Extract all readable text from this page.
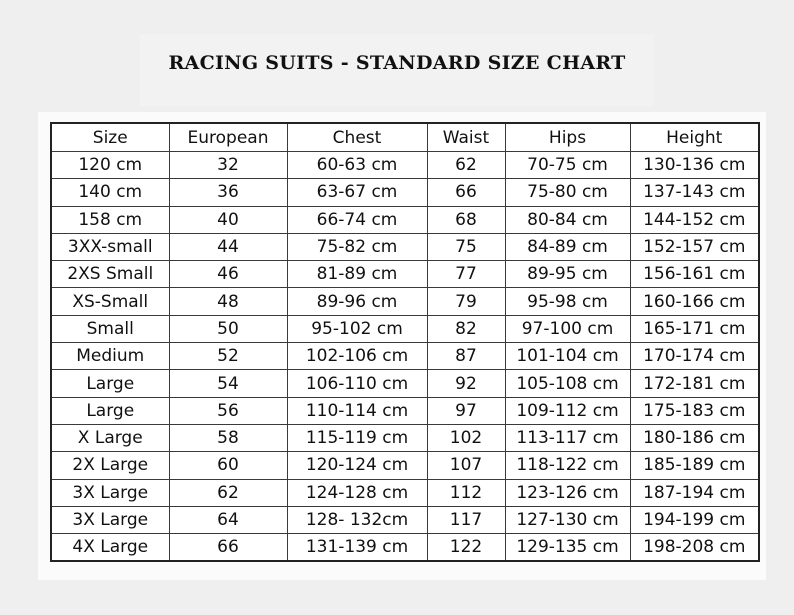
RACING SUITS - STANDARD SIZE CHART
Size	European	Chest	Waist	Hips	Height
120 cm	32	60-63 cm	62	70-75 cm	130-136 cm
140 cm	36	63-67 cm	66	75-80 cm	137-143 cm
158 cm	40	66-74 cm	68	80-84 cm	144-152 cm
3XX-small	44	75-82 cm	75	84-89 cm	152-157 cm
2XS Small	46	81-89 cm	77	89-95 cm	156-161 cm
XS-Small	48	89-96 cm	79	95-98 cm	160-166 cm
Small	50	95-102 cm	82	97-100 cm	165-171 cm
Medium	52	102-106 cm	87	101-104 cm	170-174 cm
Large	54	106-110 cm	92	105-108 cm	172-181 cm
Large	56	110-114 cm	97	109-112 cm	175-183 cm
X Large	58	115-119 cm	102	113-117 cm	180-186 cm
2X Large	60	120-124 cm	107	118-122 cm	185-189 cm
3X Large	62	124-128 cm	112	123-126 cm	187-194 cm
3X Large	64	128- 132cm	117	127-130 cm	194-199 cm
4X Large	66	131-139 cm	122	129-135 cm	198-208 cm
